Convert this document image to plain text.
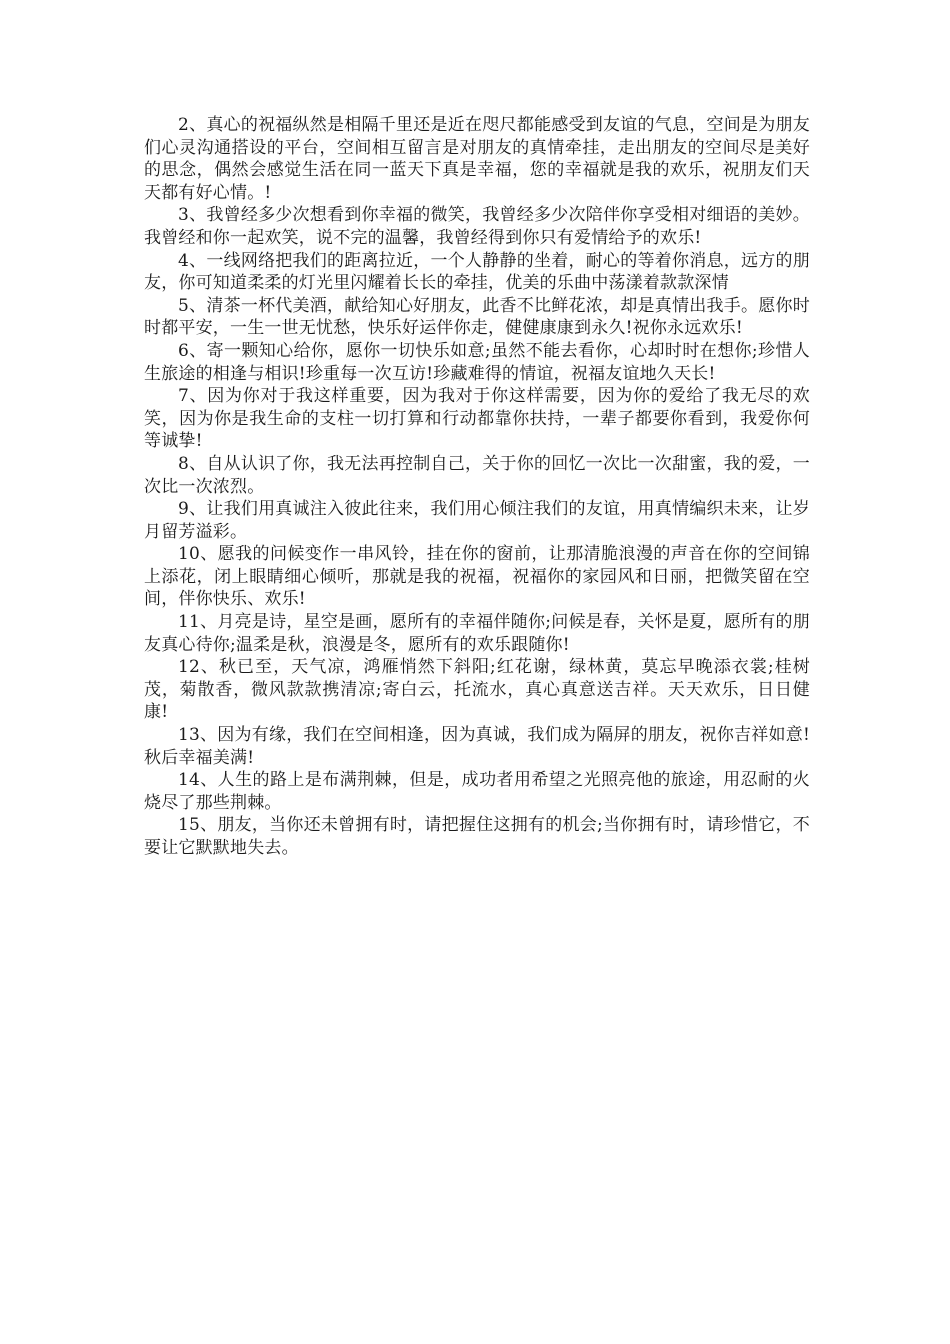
2、真心的祝福纵然是相隔千里还是近在咫尺都能感受到友谊的气息，空间是为朋友们心灵沟通搭设的平台，空间相互留言是对朋友的真情牵挂，走出朋友的空间尽是美好的思念，偶然会感觉生活在同一蓝天下真是幸福，您的幸福就是我的欢乐，祝朋友们天天都有好心情。!

3、我曾经多少次想看到你幸福的微笑，我曾经多少次陪伴你享受相对细语的美妙。我曾经和你一起欢笑，说不完的温馨，我曾经得到你只有爱情给予的欢乐!

4、一线网络把我们的距离拉近，一个人静静的坐着，耐心的等着你消息，远方的朋友，你可知道柔柔的灯光里闪耀着长长的牵挂，优美的乐曲中荡漾着款款深情

5、清茶一杯代美酒，献给知心好朋友，此香不比鲜花浓，却是真情出我手。愿你时时都平安，一生一世无忧愁，快乐好运伴你走，健健康康到永久!祝你永远欢乐!

6、寄一颗知心给你，愿你一切快乐如意;虽然不能去看你，心却时时在想你;珍惜人生旅途的相逢与相识!珍重每一次互访!珍藏难得的情谊，祝福友谊地久天长!

7、因为你对于我这样重要，因为我对于你这样需要，因为你的爱给了我无尽的欢笑，因为你是我生命的支柱一切打算和行动都靠你扶持，一辈子都要你看到，我爱你何等诚挚!

8、自从认识了你，我无法再控制自己，关于你的回忆一次比一次甜蜜，我的爱，一次比一次浓烈。

9、让我们用真诚注入彼此往来，我们用心倾注我们的友谊，用真情编织未来，让岁月留芳溢彩。

10、愿我的问候变作一串风铃，挂在你的窗前，让那清脆浪漫的声音在你的空间锦上添花，闭上眼睛细心倾听，那就是我的祝福，祝福你的家园风和日丽，把微笑留在空间，伴你快乐、欢乐!

11、月亮是诗，星空是画，愿所有的幸福伴随你;问候是春，关怀是夏，愿所有的朋友真心待你;温柔是秋，浪漫是冬，愿所有的欢乐跟随你!

12、秋已至，天气凉，鸿雁悄然下斜阳;红花谢，绿林黄，莫忘早晚添衣裳;桂树茂，菊散香，微风款款携清凉;寄白云，托流水，真心真意送吉祥。天天欢乐，日日健康!

13、因为有缘，我们在空间相逢，因为真诚，我们成为隔屏的朋友，祝你吉祥如意!秋后幸福美满!

14、人生的路上是布满荆棘，但是，成功者用希望之光照亮他的旅途，用忍耐的火烧尽了那些荆棘。

15、朋友，当你还未曾拥有时，请把握住这拥有的机会;当你拥有时，请珍惜它，不要让它默默地失去。
